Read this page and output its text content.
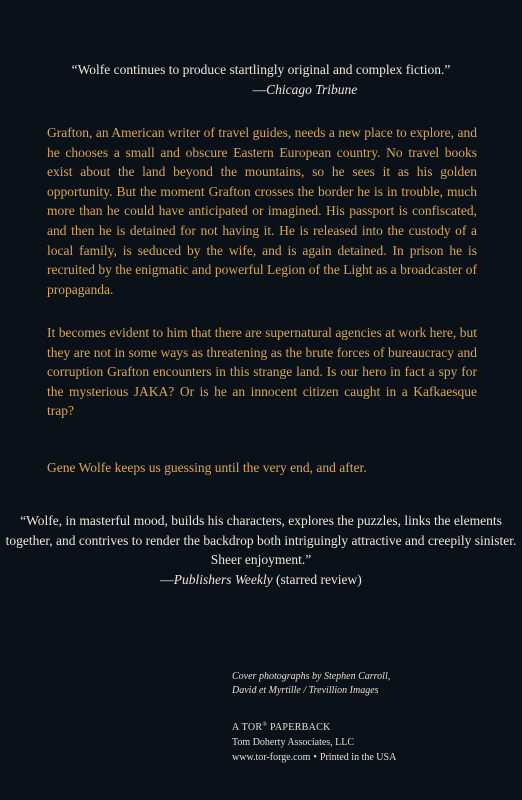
“Wolfe continues to produce startlingly original and complex fiction.”
—Chicago Tribune

Grafton, an American writer of travel guides, needs a new place to explore, and he chooses a small and obscure Eastern European country. No travel books exist about the land beyond the mountains, so he sees it as his golden opportunity. But the moment Grafton crosses the border he is in trouble, much more than he could have anticipated or imagined. His passport is confiscated, and then he is detained for not having it. He is released into the custody of a local family, is seduced by the wife, and is again detained. In prison he is recruited by the enigmatic and powerful Legion of the Light as a broadcaster of propaganda.

It becomes evident to him that there are supernatural agencies at work here, but they are not in some ways as threatening as the brute forces of bureaucracy and corruption Grafton encounters in this strange land. Is our hero in fact a spy for the mysterious JAKA? Or is he an innocent citizen caught in a Kafkaesque trap?

Gene Wolfe keeps us guessing until the very end, and after.

“Wolfe, in masterful mood, builds his characters, explores the puzzles, links the elements together, and contrives to render the backdrop both intriguingly attractive and creepily sinister. Sheer enjoyment.”
—Publishers Weekly (starred review)
Cover photographs by Stephen Carroll,
David et Myrtille / Trevillion Images
A TOR® PAPERBACK
Tom Doherty Associates, LLC
www.tor-forge.com • Printed in the USA
